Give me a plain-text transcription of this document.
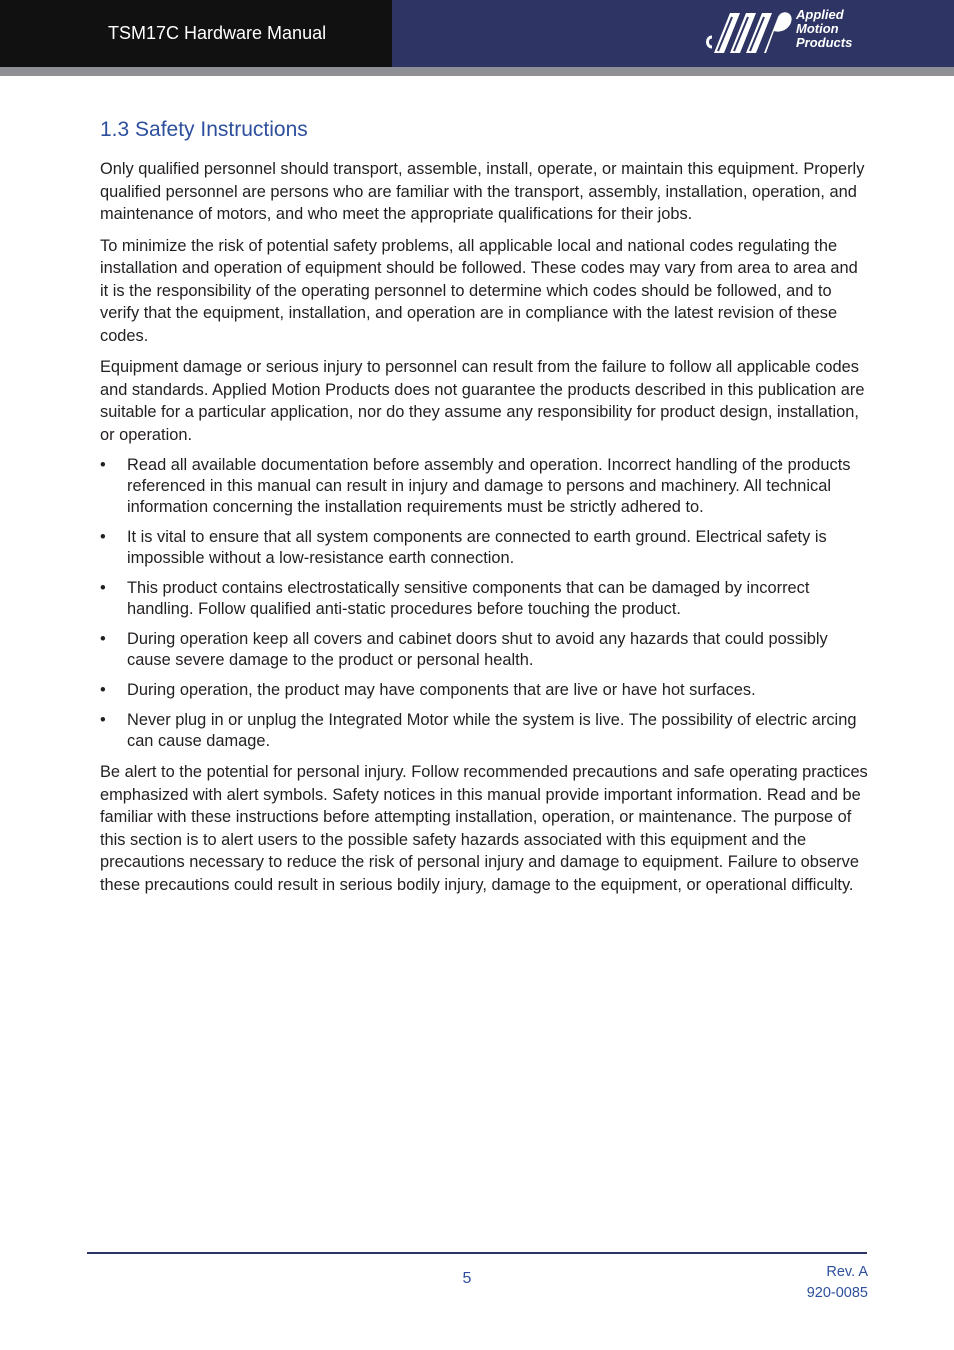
TSM17C Hardware Manual
Applied
Motion
Products
1.3 Safety Instructions

Only qualified personnel should transport, assemble, install, operate, or maintain this equipment. Properly qualified personnel are persons who are familiar with the transport, assembly, installation, operation, and maintenance of motors, and who meet the appropriate qualifications for their jobs.

To minimize the risk of potential safety problems, all applicable local and national codes regulating the installation and operation of equipment should be followed. These codes may vary from area to area and it is the responsibility of the operating personnel to determine which codes should be followed, and to verify that the equipment, installation, and operation are in compliance with the latest revision of these codes.

Equipment damage or serious injury to personnel can result from the failure to follow all applicable codes and standards. Applied Motion Products does not guarantee the products described in this publication are suitable for a particular application, nor do they assume any responsibility for product design, installation, or operation.

• Read all available documentation before assembly and operation. Incorrect handling of the products referenced in this manual can result in injury and damage to persons and machinery. All technical information concerning the installation requirements must be strictly adhered to.
• It is vital to ensure that all system components are connected to earth ground. Electrical safety is impossible without a low-resistance earth connection.
• This product contains electrostatically sensitive components that can be damaged by incorrect handling. Follow qualified anti-static procedures before touching the product.
• During operation keep all covers and cabinet doors shut to avoid any hazards that could possibly cause severe damage to the product or personal health.
• During operation, the product may have components that are live or have hot surfaces.
• Never plug in or unplug the Integrated Motor while the system is live. The possibility of electric arcing can cause damage.

Be alert to the potential for personal injury. Follow recommended precautions and safe operating practices emphasized with alert symbols. Safety notices in this manual provide important information. Read and be familiar with these instructions before attempting installation, operation, or maintenance. The purpose of this section is to alert users to the possible safety hazards associated with this equipment and the precautions necessary to reduce the risk of personal injury and damage to equipment. Failure to observe these precautions could result in serious bodily injury, damage to the equipment, or operational difficulty.

5	Rev. A
920-0085
